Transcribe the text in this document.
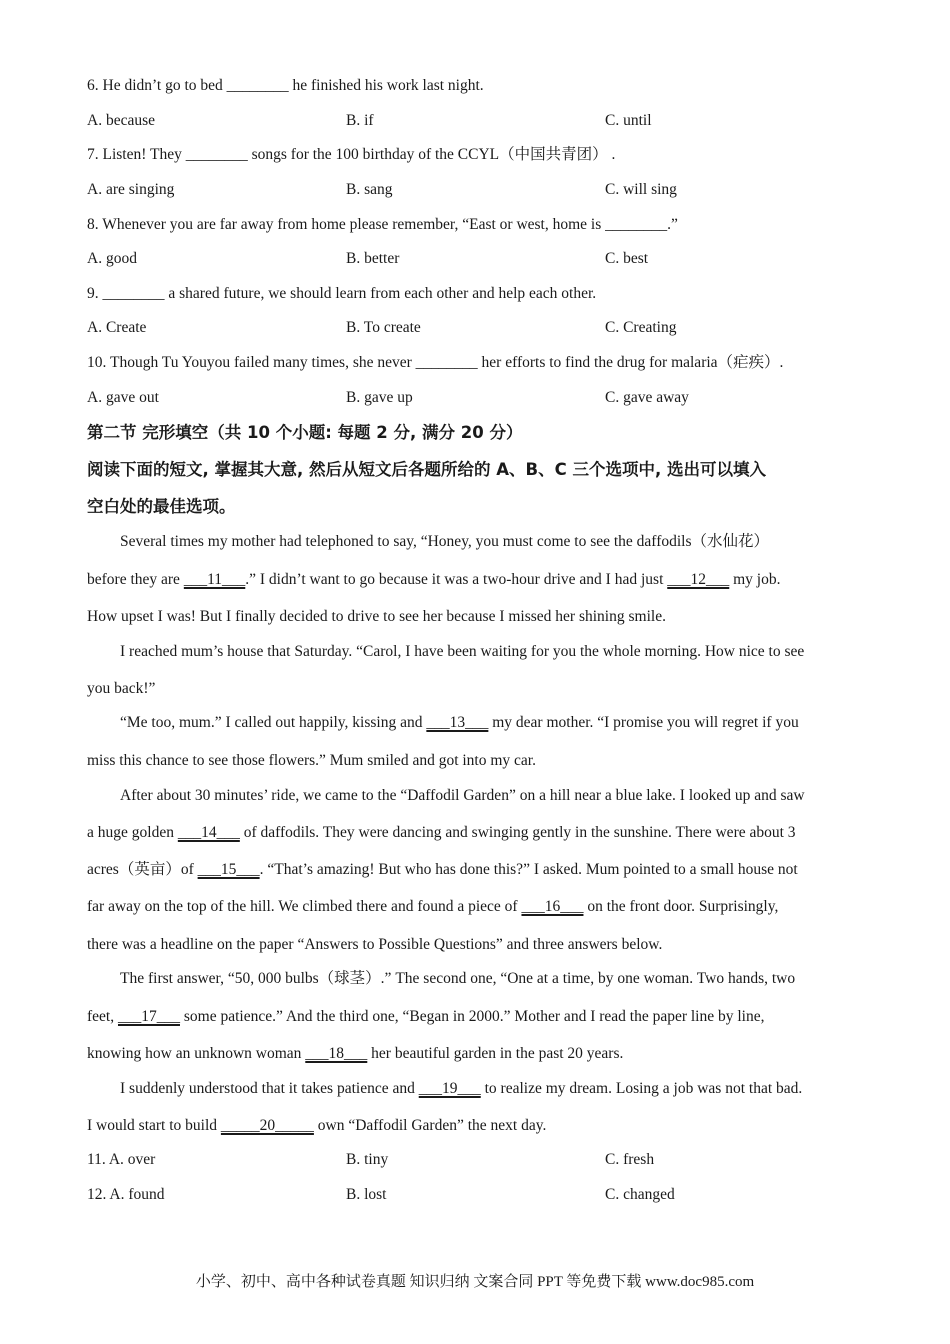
6. He didn’t go to bed ________ he finished his work last night.
A. because	B. if	C. until
7. Listen! They ________ songs for the 100 birthday of the CCYL（中国共青团） .
A. are singing	B. sang	C. will sing
8. Whenever you are far away from home please remember, “East or west, home is ________.”
A. good	B. better	C. best
9. ________ a shared future, we should learn from each other and help each other.
A. Create	B. To create	C. Creating
10. Though Tu Youyou failed many times, she never ________ her efforts to find the drug for malaria（疟疾）.
A. gave out	B. gave up	C. gave away
第二节 完形填空（共 10 个小题: 每题 2 分, 满分 20 分）
阅读下面的短文, 掌握其大意, 然后从短文后各题所给的 A、B、C 三个选项中, 选出可以填入
空白处的最佳选项。
Several times my mother had telephoned to say, “Honey, you must come to see the daffodils（水仙花）
before they are ___11___.” I didn’t want to go because it was a two-hour drive and I had just ___12___ my job.
How upset I was! But I finally decided to drive to see her because I missed her shining smile.
I reached mum’s house that Saturday. “Carol, I have been waiting for you the whole morning. How nice to see
you back!”
“Me too, mum.” I called out happily, kissing and ___13___ my dear mother. “I promise you will regret if you
miss this chance to see those flowers.” Mum smiled and got into my car.
After about 30 minutes’ ride, we came to the “Daffodil Garden” on a hill near a blue lake. I looked up and saw
a huge golden ___14___ of daffodils. They were dancing and swinging gently in the sunshine. There were about 3
acres（英亩）of ___15___. “That’s amazing! But who has done this?” I asked. Mum pointed to a small house not
far away on the top of the hill. We climbed there and found a piece of ___16___ on the front door. Surprisingly,
there was a headline on the paper “Answers to Possible Questions” and three answers below.
The first answer, “50, 000 bulbs（球茎）.” The second one, “One at a time, by one woman. Two hands, two
feet, ___17___ some patience.” And the third one, “Began in 2000.” Mother and I read the paper line by line,
knowing how an unknown woman ___18___ her beautiful garden in the past 20 years.
I suddenly understood that it takes patience and ___19___ to realize my dream. Losing a job was not that bad.
I would start to build _____20_____ own “Daffodil Garden” the next day.
11. A. over	B. tiny	C. fresh
12. A. found	B. lost	C. changed
小学、初中、高中各种试卷真题 知识归纳 文案合同 PPT 等免费下载 www.doc985.com
